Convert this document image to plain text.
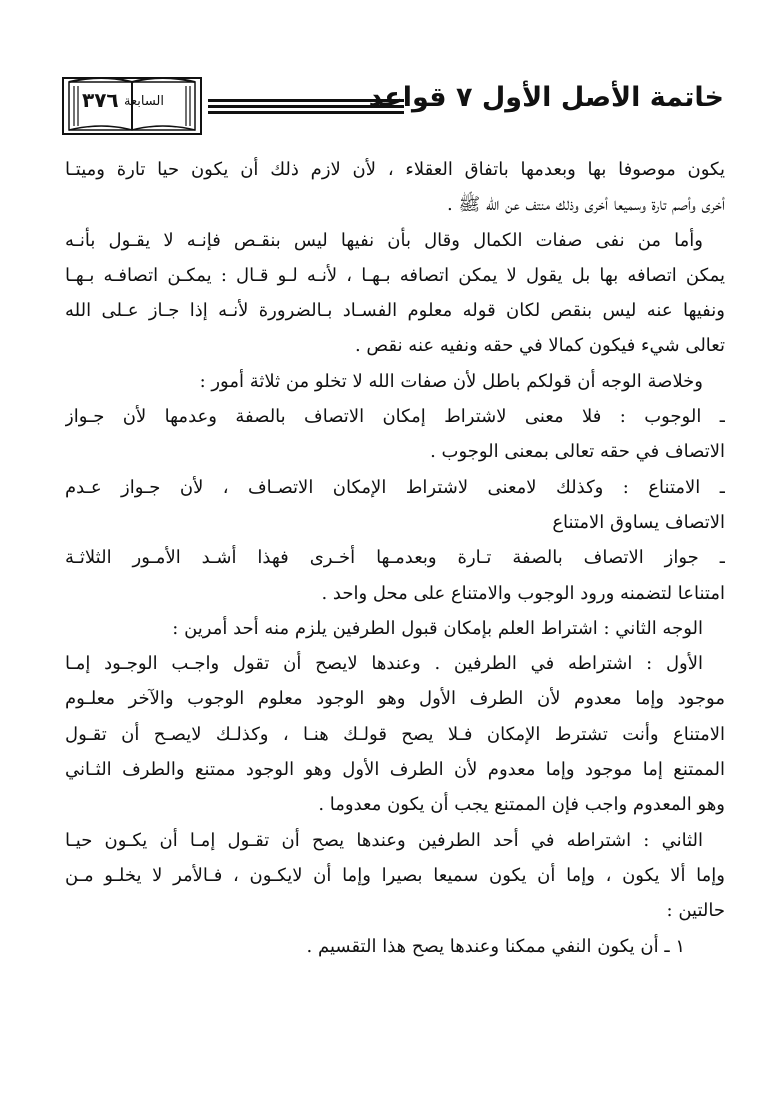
٣٧٦ السابعة	خاتمة الأصل الأول ٧ قواعد
يكون موصوفا بها وبعدمها باتفاق العقلاء ، لأن لازم ذلك أن يكون حيا تارة وميتـا
أخرى وأصم تارة وسميعا أخرى وذلك منتف عن الله ﷺ .
وأما من نفى صفات الكمال وقال بأن نفيها ليس بنقـص فإنـه لا يقـول بأنـه
يمكن اتصافه بها بل يقول لا يمكن اتصافه بـهـا ، لأنـه لـو قـال : يمكـن اتصافـه بـهـا
ونفيها عنه ليس بنقص لكان قوله معلوم الفسـاد بـالضرورة لأنـه إذا جـاز عـلى الله
تعالى شيء فيكون كمالا في حقه ونفيه عنه نقص .
وخلاصة الوجه أن قولكم باطل لأن صفات الله لا تخلو من ثلاثة أمور :
ـ الوجوب : فلا معنى لاشتراط إمكان الاتصاف بالصفة وعدمها لأن جـواز
الاتصاف في حقه تعالى بمعنى الوجوب .
ـ الامتناع : وكذلك لامعنى لاشتراط الإمكان الاتصـاف ، لأن جـواز عـدم
الاتصاف يساوق الامتناع
ـ جواز الاتصاف بالصفة تـارة وبعدمـها أخـرى فهذا أشـد الأمـور الثلاثـة
امتناعا لتضمنه ورود الوجوب والامتناع على محل واحد .
الوجه الثاني : اشتراط العلم بإمكان قبول الطرفين يلزم منه أحد أمرين :
الأول : اشتراطه في الطرفين . وعندها لايصح أن تقول واجـب الوجـود إمـا
موجود وإما معدوم لأن الطرف الأول وهو الوجود معلوم الوجوب والآخر معلـوم
الامتناع وأنت تشترط الإمكان فـلا يصح قولـك هنـا ، وكذلـك لايصـح أن تقـول
الممتنع إما موجود وإما معدوم لأن الطرف الأول وهو الوجود ممتنع والطرف الثـاني
وهو المعدوم واجب فإن الممتنع يجب أن يكون معدوما .
الثاني : اشتراطه في أحد الطرفين وعندها يصح أن تقـول إمـا أن يكـون حيـا
وإما ألا يكون ، وإما أن يكون سميعا بصيرا وإما أن لايكـون ، فـالأمر لا يخلـو مـن
حالتين :
١ ـ أن يكون النفي ممكنا وعندها يصح هذا التقسيم .
